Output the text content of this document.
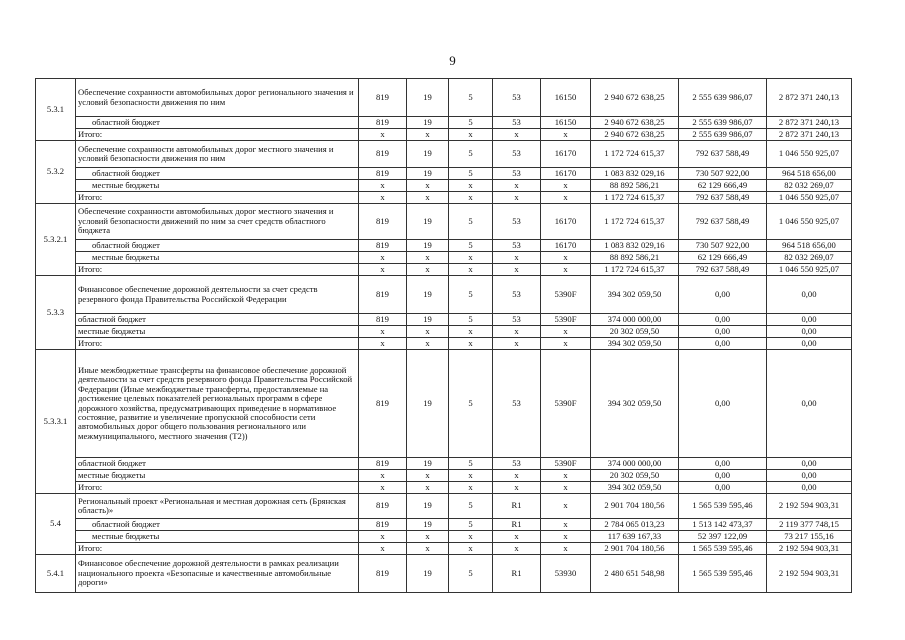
9
5.3.1	Обеспечение сохранности автомобильных дорог регионального значения и условий безопасности движения по ним	819	19	5	53	16150	2 940 672 638,25	2 555 639 986,07	2 872 371 240,13
	областной бюджет	819	19	5	53	16150	2 940 672 638,25	2 555 639 986,07	2 872 371 240,13
	Итого:	x	x	x	x	x	2 940 672 638,25	2 555 639 986,07	2 872 371 240,13
5.3.2	Обеспечение сохранности автомобильных дорог местного значения и условий безопасности движения по ним	819	19	5	53	16170	1 172 724 615,37	792 637 588,49	1 046 550 925,07
	областной бюджет	819	19	5	53	16170	1 083 832 029,16	730 507 922,00	964 518 656,00
	местные бюджеты	x	x	x	x	x	88 892 586,21	62 129 666,49	82 032 269,07
	Итого:	x	x	x	x	x	1 172 724 615,37	792 637 588,49	1 046 550 925,07
5.3.2.1	Обеспечение сохранности автомобильных дорог местного значения и условий безопасности движений по ним за счет средств областного бюджета	819	19	5	53	16170	1 172 724 615,37	792 637 588,49	1 046 550 925,07
	областной бюджет	819	19	5	53	16170	1 083 832 029,16	730 507 922,00	964 518 656,00
	местные бюджеты	x	x	x	x	x	88 892 586,21	62 129 666,49	82 032 269,07
	Итого:	x	x	x	x	x	1 172 724 615,37	792 637 588,49	1 046 550 925,07
5.3.3	Финансовое обеспечение дорожной деятельности за счет средств резервного фонда Правительства Российской Федерации	819	19	5	53	5390F	394 302 059,50	0,00	0,00
	областной бюджет	819	19	5	53	5390F	374 000 000,00	0,00	0,00
	местные бюджеты	x	x	x	x	x	20 302 059,50	0,00	0,00
	Итого:	x	x	x	x	x	394 302 059,50	0,00	0,00
5.3.3.1	Иные межбюджетные трансферты на финансовое обеспечение дорожной деятельности за счет средств резервного фонда Правительства Российской Федерации (Иные межбюджетные трансферты, предоставляемые на достижение целевых показателей региональных программ в сфере дорожного хозяйства, предусматривающих приведение в нормативное состояние, развитие и увеличение пропускной способности сети автомобильных дорог общего пользования регионального или межмуниципального, местного значения (Т2))	819	19	5	53	5390F	394 302 059,50	0,00	0,00
	областной бюджет	819	19	5	53	5390F	374 000 000,00	0,00	0,00
	местные бюджеты	x	x	x	x	x	20 302 059,50	0,00	0,00
	Итого:	x	x	x	x	x	394 302 059,50	0,00	0,00
5.4	Региональный проект «Региональная и местная дорожная сеть (Брянская область)»	819	19	5	R1	x	2 901 704 180,56	1 565 539 595,46	2 192 594 903,31
	областной бюджет	819	19	5	R1	x	2 784 065 013,23	1 513 142 473,37	2 119 377 748,15
	местные бюджеты	x	x	x	x	x	117 639 167,33	52 397 122,09	73 217 155,16
	Итого:	x	x	x	x	x	2 901 704 180,56	1 565 539 595,46	2 192 594 903,31
5.4.1	Финансовое обеспечение дорожной деятельности в рамках реализации национального проекта «Безопасные и качественные автомобильные дороги»	819	19	5	R1	53930	2 480 651 548,98	1 565 539 595,46	2 192 594 903,31
